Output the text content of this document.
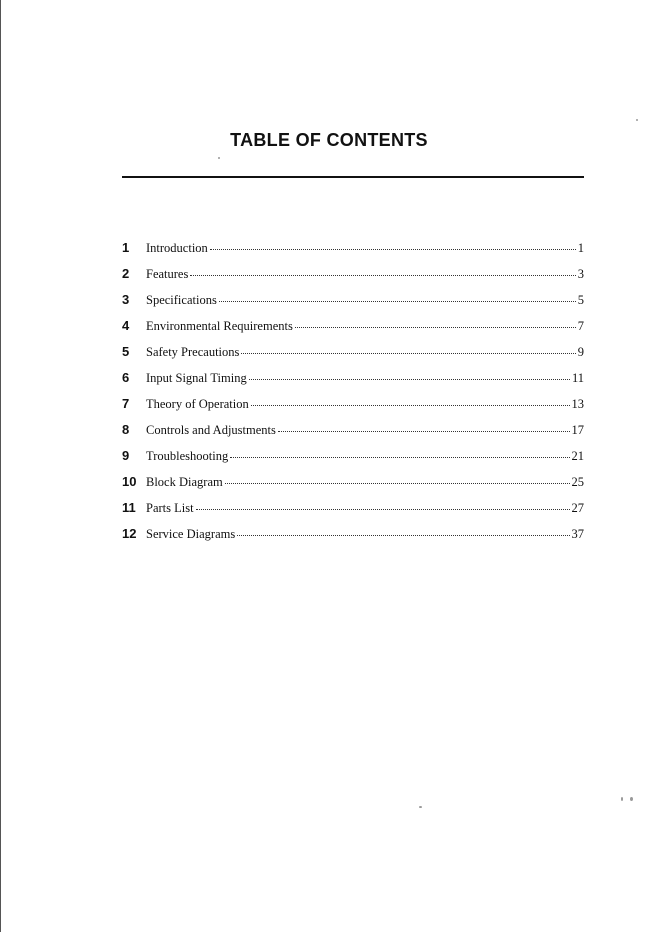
TABLE OF CONTENTS
1	Introduction	1
2	Features	3
3	Specifications	5
4	Environmental Requirements	7
5	Safety Precautions	9
6	Input Signal Timing	11
7	Theory of Operation	13
8	Controls and Adjustments	17
9	Troubleshooting	21
10 Block Diagram	25
11 Parts List	27
12 Service Diagrams	37
